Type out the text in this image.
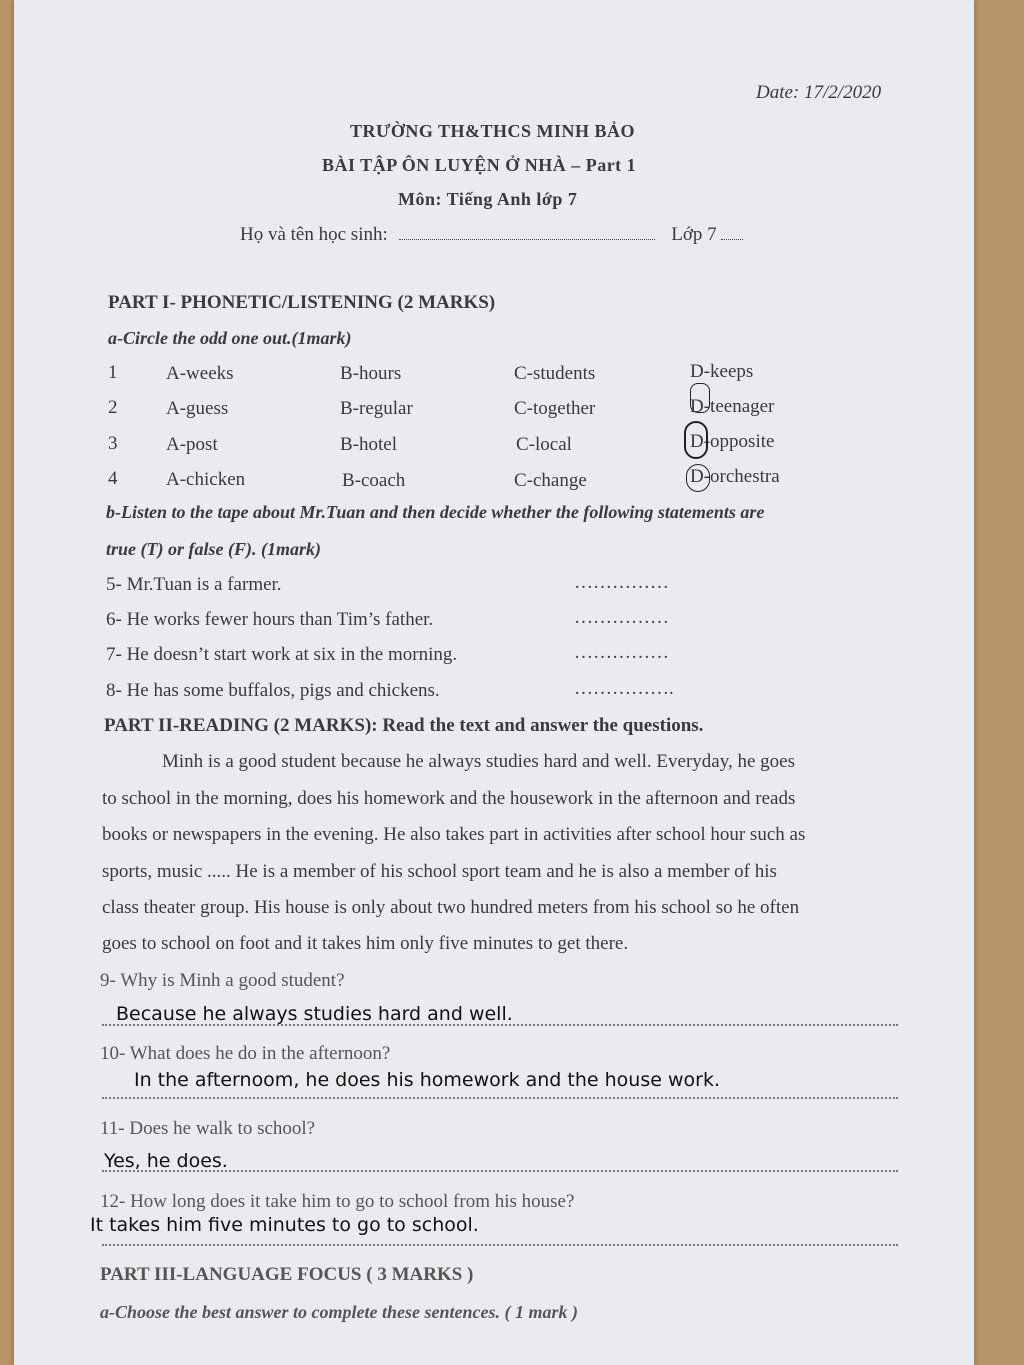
Date: 17/2/2020
TRƯỜNG TH&THCS MINH BẢO
BÀI TẬP ÔN LUYỆN Ở NHÀ – Part 1
Môn: Tiếng Anh lớp 7
Họ và tên học sinh:	Lớp 7
PART I- PHONETIC/LISTENING (2 MARKS)
a-Circle the odd one out.(1mark)
1	A-weeks	B-hours	C-students	D-keeps
2	A-guess	B-regular	C-together	D-teenager
3	A-post	B-hotel	C-local	D-opposite
4	A-chicken	B-coach	C-change	D-orchestra
b-Listen to the tape about Mr.Tuan and then decide whether the following statements are
true (T) or false (F). (1mark)
5- Mr.Tuan is a farmer.	……………
6- He works fewer hours than Tim’s father.	……………
7- He doesn’t start work at six in the morning.	……………
8- He has some buffalos, pigs and chickens.	…………….
PART II-READING (2 MARKS): Read the text and answer the questions.
Minh is a good student because he always studies hard and well. Everyday, he goes
to school in the morning, does his homework and the housework in the afternoon and reads
books or newspapers in the evening. He also takes part in activities after school hour such as
sports, music ..... He is a member of his school sport team and he is also a member of his
class theater group. His house is only about two hundred meters from his school so he often
goes to school on foot and it takes him only five minutes to get there.
9- Why is Minh a good student?
Because he always studies hard and well.
10- What does he do in the afternoon?
In the afternoom, he does his homework and the house work.
11- Does he walk to school?
Yes, he does.
12- How long does it take him to go to school from his house?
It takes him five minutes to go to school.
PART III-LANGUAGE FOCUS ( 3 MARKS )
a-Choose the best answer to complete these sentences. ( 1 mark )
